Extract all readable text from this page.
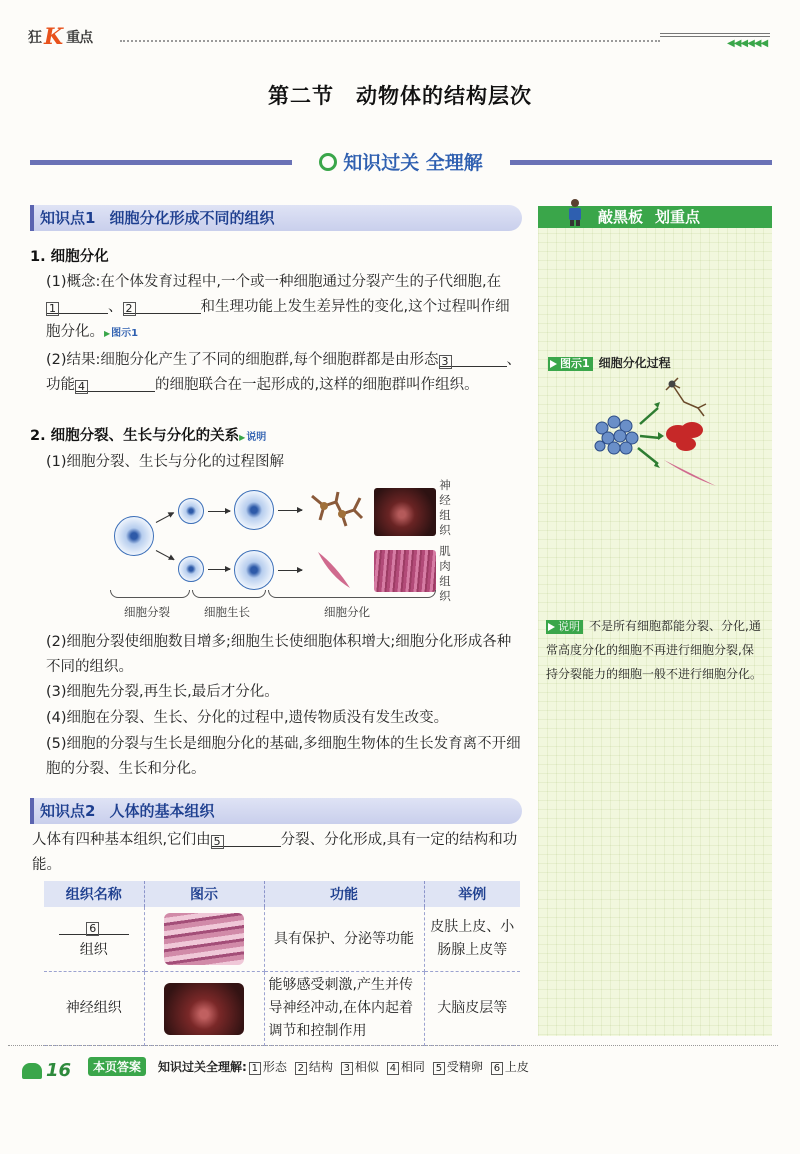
狂 K 重点	◀◀◀◀◀◀
第二节 动物体的结构层次
知识过关 全理解
知识点1 细胞分化形成不同的组织
1. 细胞分化
(1)概念:在个体发育过程中,一个或一种细胞通过分裂产生的子代细胞,在1	、 2	和生理功能上发生差异性的变化,这个过程叫作细胞分化。 ▶ 图示1
(2)结果:细胞分化产生了不同的细胞群,每个细胞群都是由形态 3	、功能 4	的细胞联合在一起形成的,这样的细胞群叫作组织。
2. 细胞分裂、生长与分化的关系 ▶ 说明
(1)细胞分裂、生长与分化的过程图解
神
经
组
织
肌
肉
组
织
细胞分裂	细胞生长	细胞分化
(2)细胞分裂使细胞数目增多;细胞生长使细胞体积增大;细胞分化形成各种不同的组织。
(3)细胞先分裂,再生长,最后才分化。
(4)细胞在分裂、生长、分化的过程中,遗传物质没有发生改变。
(5)细胞的分裂与生长是细胞分化的基础,多细胞生物体的生长发育离不开细胞的分裂、生长和分化。
知识点2 人体的基本组织
人体有四种基本组织,它们由 5	分裂、分化形成,具有一定的结构和功能。
组织名称	图示	功能	举例

6
组织		具有保护、分泌等功能	皮肤上皮、小肠腺上皮等
神经组织		能够感受刺激,产生并传导神经冲动,在体内起着调节和控制作用	大脑皮层等
敲黑板 划重点
图示1 细胞分化过程
说明 不是所有细胞都能分裂、分化,通常高度分化的细胞不再进行细胞分裂,保持分裂能力的细胞一般不进行细胞分化。
16	本页答案	知识过关全理解: 1 形态 2 结构 3 相似 4 相同 5 受精卵 6 上皮
